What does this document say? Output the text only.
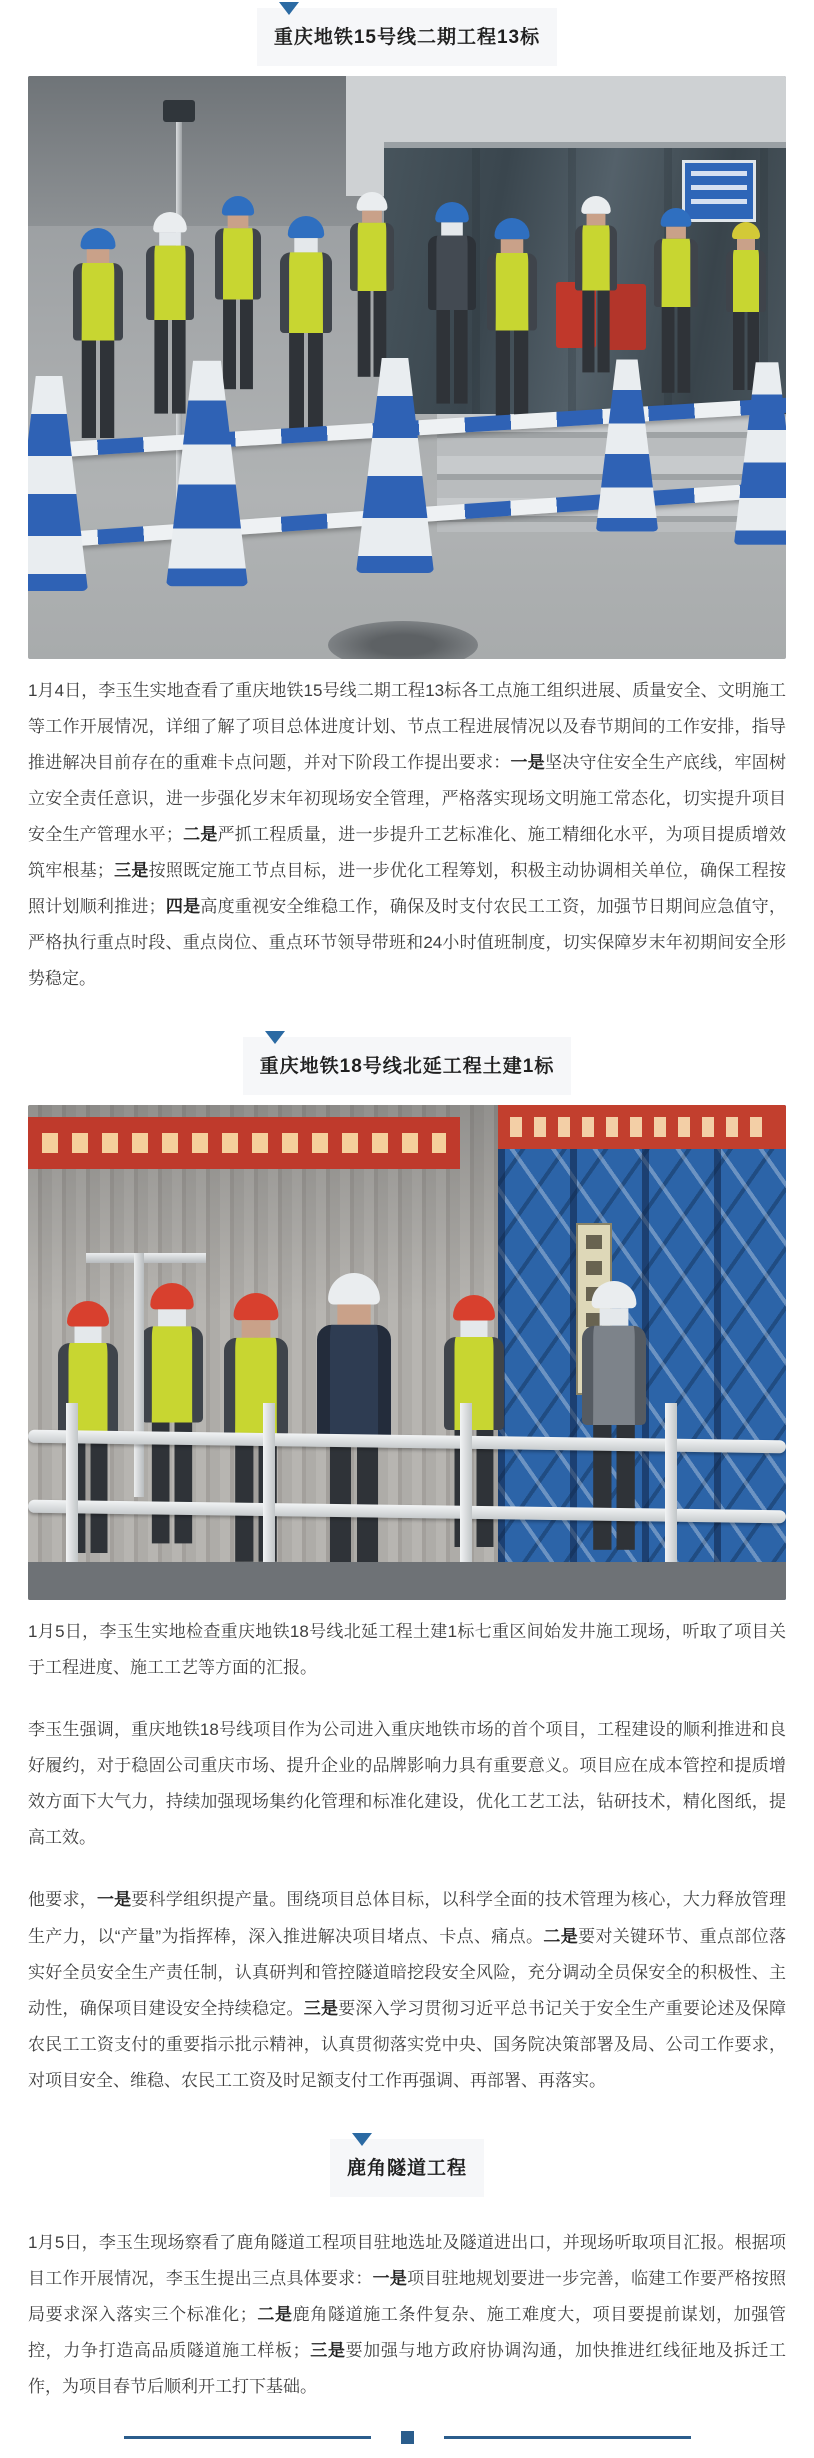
重庆地铁15号线二期工程13标

1月4日，李玉生实地查看了重庆地铁15号线二期工程13标各工点施工组织进展、质量安全、文明施工等工作开展情况，详细了解了项目总体进度计划、节点工程进展情况以及春节期间的工作安排，指导推进解决目前存在的重难卡点问题，并对下阶段工作提出要求：一是坚决守住安全生产底线，牢固树立安全责任意识，进一步强化岁末年初现场安全管理，严格落实现场文明施工常态化，切实提升项目安全生产管理水平；二是严抓工程质量，进一步提升工艺标准化、施工精细化水平，为项目提质增效筑牢根基；三是按照既定施工节点目标，进一步优化工程筹划，积极主动协调相关单位，确保工程按照计划顺利推进；四是高度重视安全维稳工作，确保及时支付农民工工资，加强节日期间应急值守，严格执行重点时段、重点岗位、重点环节领导带班和24小时值班制度，切实保障岁末年初期间安全形势稳定。

重庆地铁18号线北延工程土建1标

1月5日，李玉生实地检查重庆地铁18号线北延工程土建1标七重区间始发井施工现场，听取了项目关于工程进度、施工工艺等方面的汇报。

李玉生强调，重庆地铁18号线项目作为公司进入重庆地铁市场的首个项目，工程建设的顺利推进和良好履约，对于稳固公司重庆市场、提升企业的品牌影响力具有重要意义。项目应在成本管控和提质增效方面下大气力，持续加强现场集约化管理和标准化建设，优化工艺工法，钻研技术，精化图纸，提高工效。

他要求，一是要科学组织提产量。围绕项目总体目标，以科学全面的技术管理为核心，大力释放管理生产力，以“产量”为指挥棒，深入推进解决项目堵点、卡点、痛点。二是要对关键环节、重点部位落实好全员安全生产责任制，认真研判和管控隧道暗挖段安全风险，充分调动全员保安全的积极性、主动性，确保项目建设安全持续稳定。三是要深入学习贯彻习近平总书记关于安全生产重要论述及保障农民工工资支付的重要指示批示精神，认真贯彻落实党中央、国务院决策部署及局、公司工作要求，对项目安全、维稳、农民工工资及时足额支付工作再强调、再部署、再落实。

鹿角隧道工程

1月5日，李玉生现场察看了鹿角隧道工程项目驻地选址及隧道进出口，并现场听取项目汇报。根据项目工作开展情况，李玉生提出三点具体要求：一是项目驻地规划要进一步完善，临建工作要严格按照局要求深入落实三个标准化；二是鹿角隧道施工条件复杂、施工难度大，项目要提前谋划，加强管控，力争打造高品质隧道施工样板；三是要加强与地方政府协调沟通，加快推进红线征地及拆迁工作，为项目春节后顺利开工打下基础。
